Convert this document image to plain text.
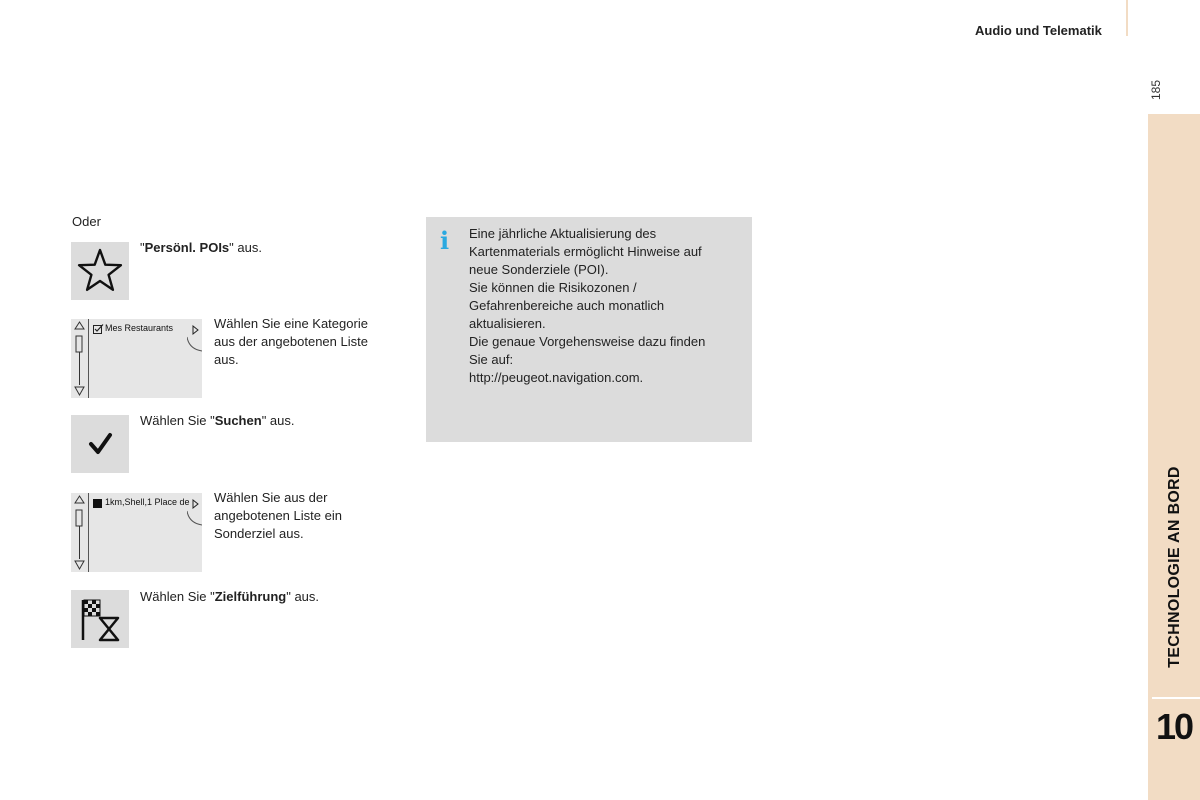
Audio und Telematik
185
TECHNOLOGIE AN BORD
10
Oder
"Persönl. POIs" aus.
Mes Restaurants	Wählen Sie eine Kategorie
aus der angebotenen Liste
aus.
Wählen Sie "Suchen" aus.
1km,Shell,1 Place de Wählen Sie aus der
angebotenen Liste ein
Sonderziel aus.
Wählen Sie "Zielführung" aus.
Eine jährliche Aktualisierung des
Kartenmaterials ermöglicht Hinweise auf
neue Sonderziele (POI).
Sie können die Risikozonen /
Gefahrenbereiche auch monatlich
aktualisieren.
Die genaue Vorgehensweise dazu finden
Sie auf:
http://peugeot.navigation.com.
i
